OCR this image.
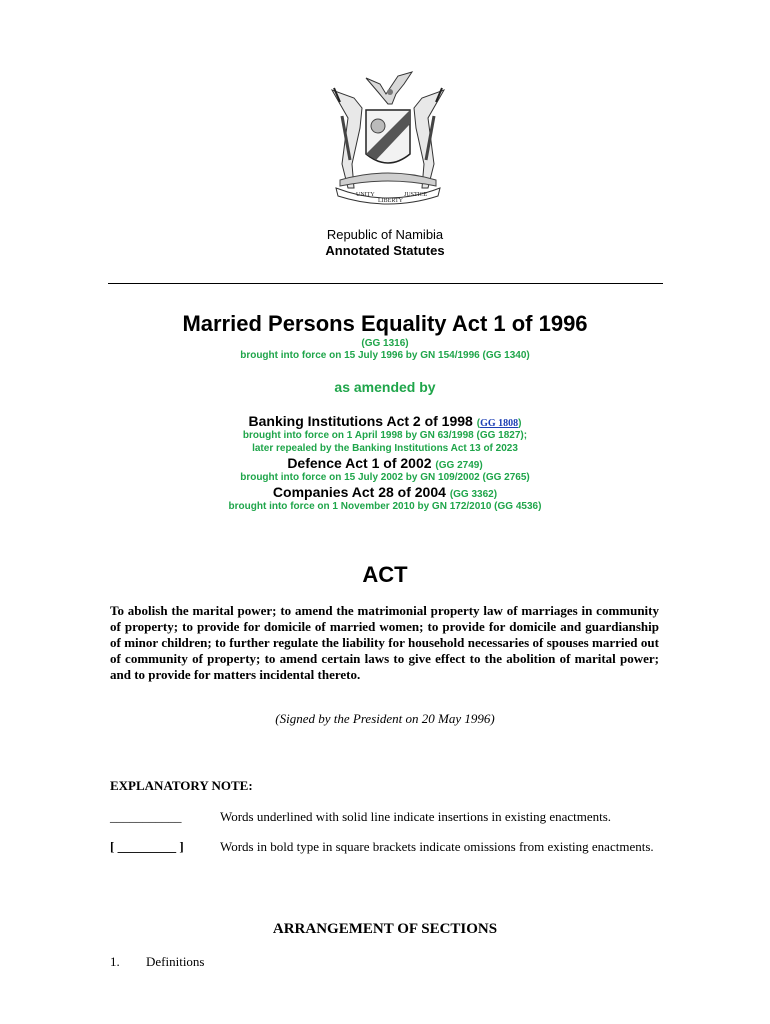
UNITY
LIBERTY
JUSTICE
Republic of Namibia
Annotated Statutes
Married Persons Equality Act 1 of 1996
(GG 1316)
brought into force on 15 July 1996 by GN 154/1996 (GG 1340)
as amended by
Banking Institutions Act 2 of 1998 (GG 1808)
brought into force on 1 April 1998 by GN 63/1998 (GG 1827);
later repealed by the Banking Institutions Act 13 of 2023
Defence Act 1 of 2002 (GG 2749)
brought into force on 15 July 2002 by GN 109/2002 (GG 2765)
Companies Act 28 of 2004 (GG 3362)
brought into force on 1 November 2010 by GN 172/2010 (GG 4536)
ACT
To abolish the marital power; to amend the matrimonial property law of marriages in community of property; to provide for domicile of married women; to provide for domicile and guardianship of minor children; to further regulate the liability for household necessaries of spouses married out of community of property; to amend certain laws to give effect to the abolition of marital power; and to provide for matters incidental thereto.
(Signed by the President on 20 May 1996)
EXPLANATORY NOTE:
___________	Words underlined with solid line indicate insertions in existing enactments.
[ _________ ]	Words in bold type in square brackets indicate omissions from existing enactments.
ARRANGEMENT OF SECTIONS
1. Definitions
